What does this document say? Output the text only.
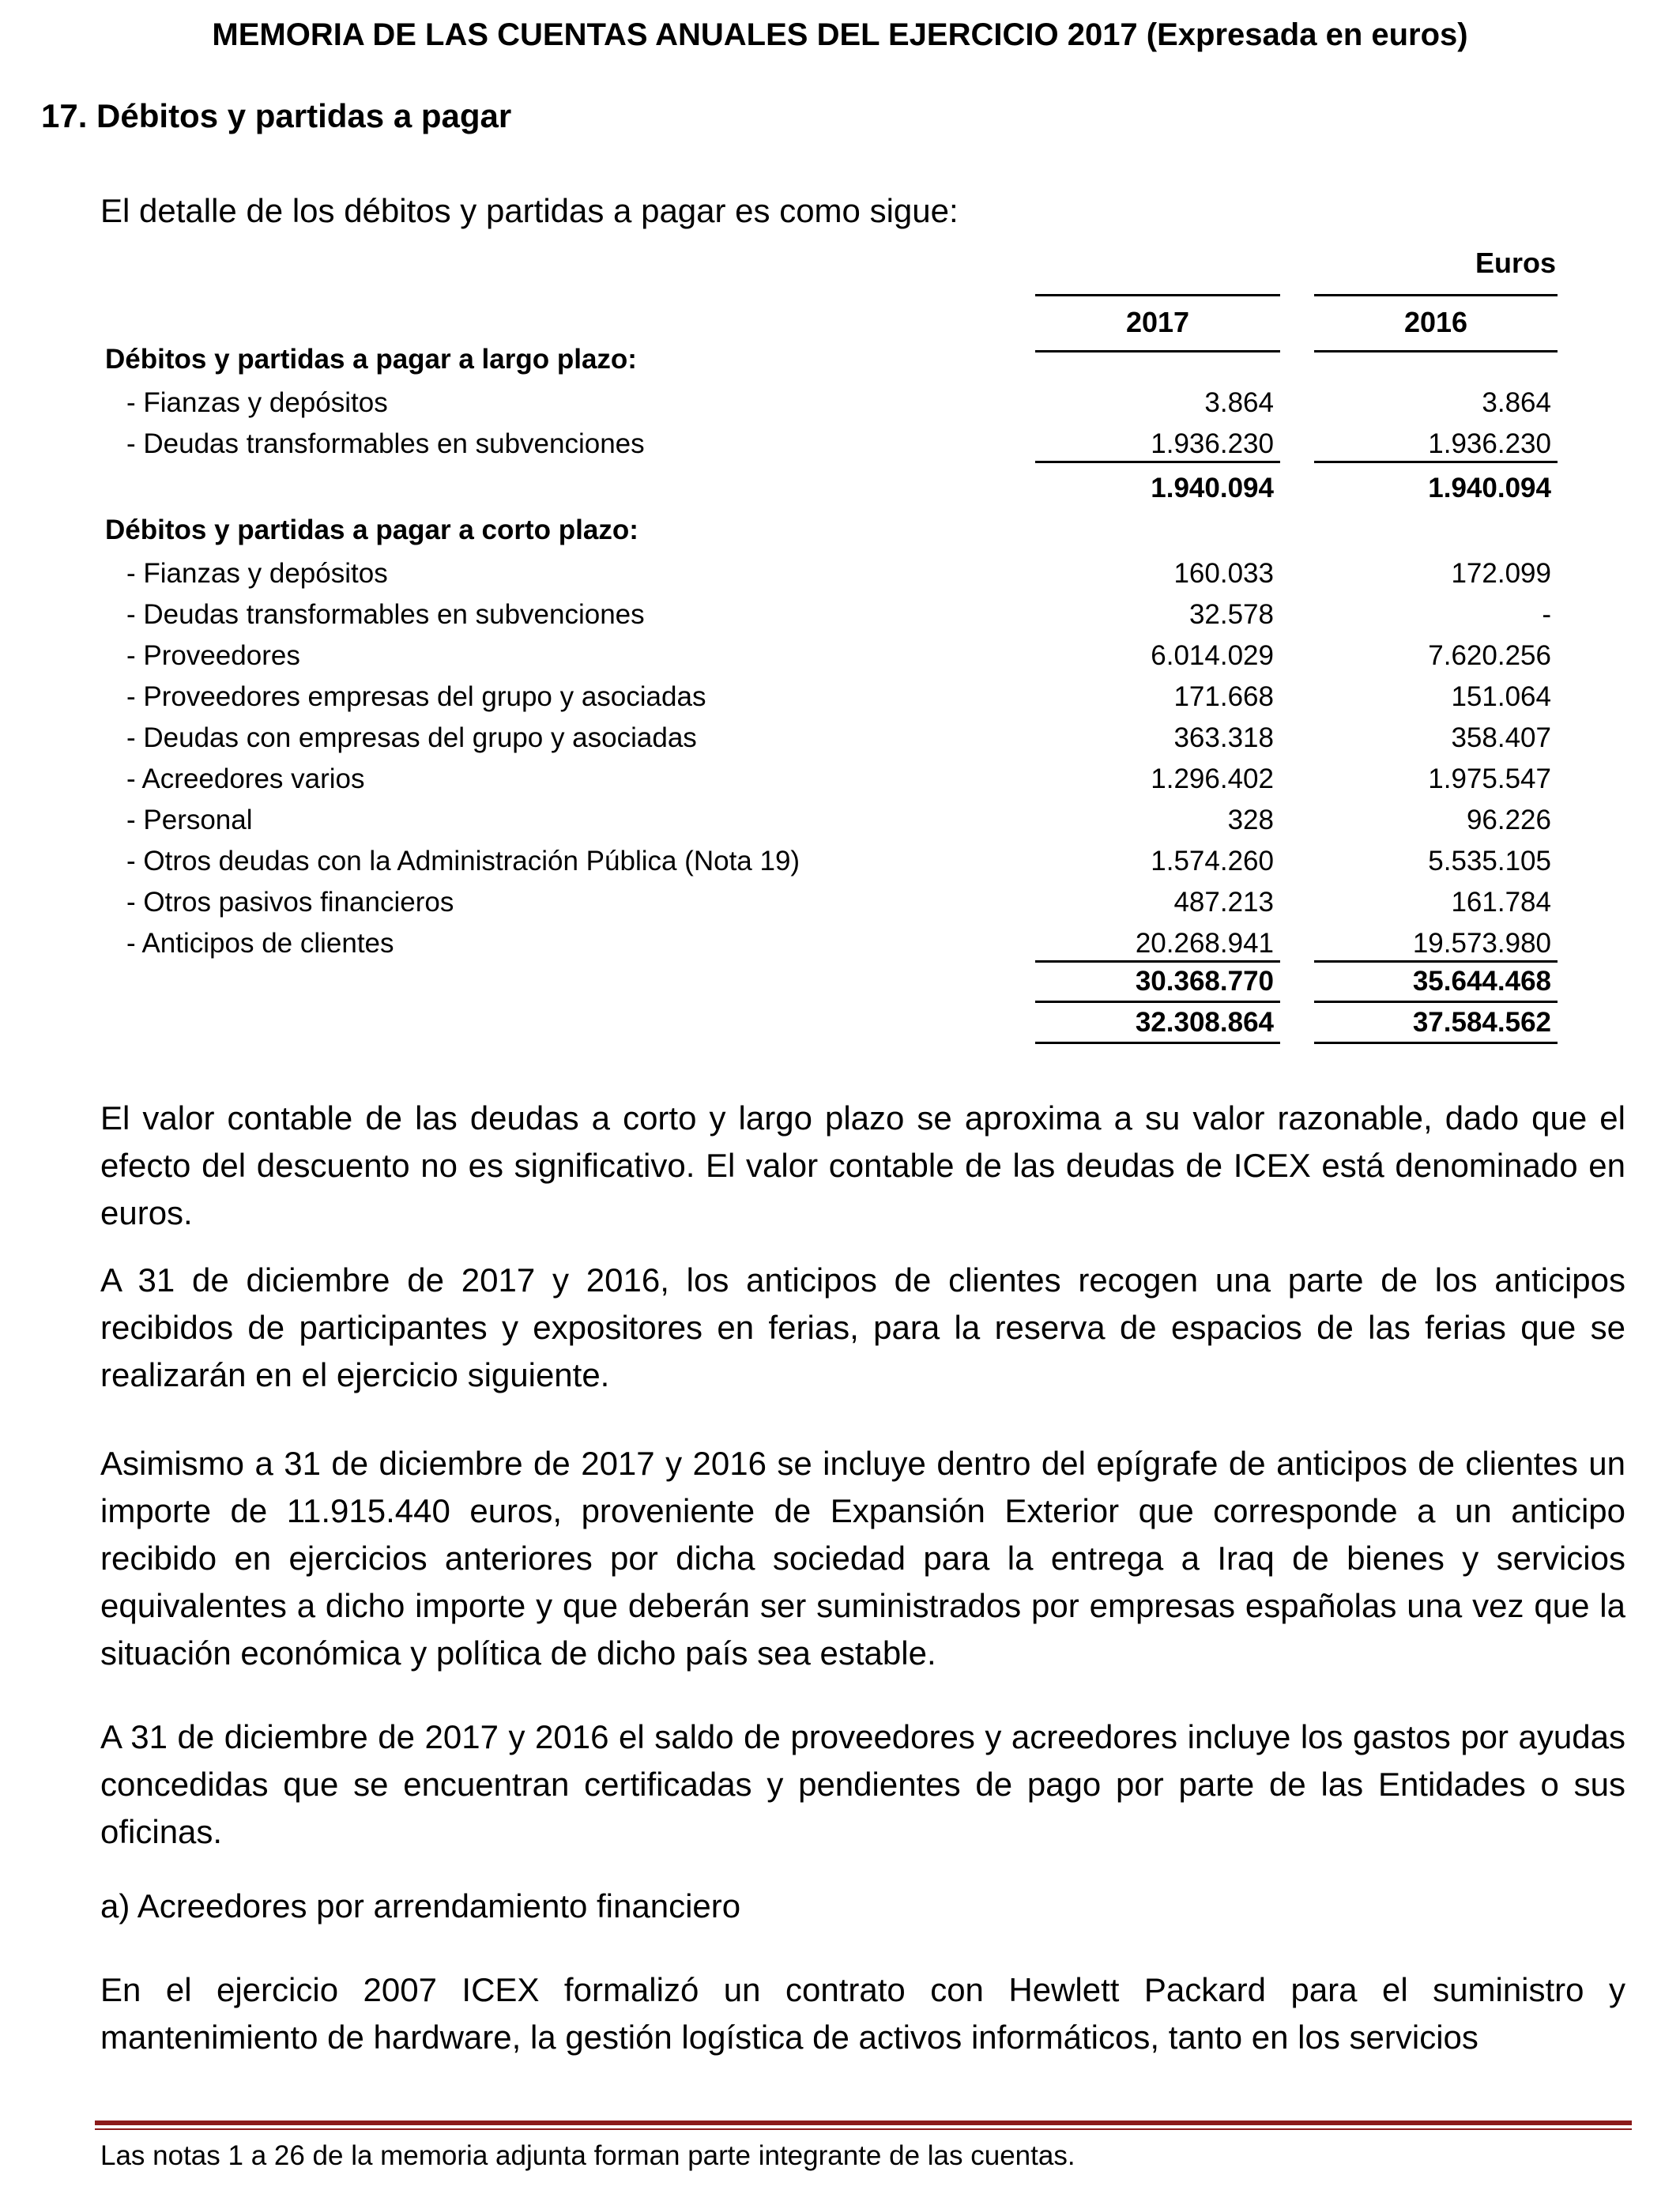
MEMORIA DE LAS CUENTAS ANUALES DEL EJERCICIO 2017 (Expresada en euros)
17. Débitos y partidas a pagar
El detalle de los débitos y partidas a pagar es como sigue:
Euros
2017	2016
Débitos y partidas a pagar a largo plazo:
- Fianzas y depósitos	3.864	3.864
- Deudas transformables en subvenciones	1.936.230	1.936.230
1.940.094	1.940.094
Débitos y partidas a pagar a corto plazo:
- Fianzas y depósitos	160.033	172.099
- Deudas transformables en subvenciones	32.578	-
- Proveedores	6.014.029	7.620.256
- Proveedores empresas del grupo y asociadas	171.668	151.064
- Deudas con empresas del grupo y asociadas	363.318	358.407
- Acreedores varios	1.296.402	1.975.547
- Personal	328	96.226
- Otros deudas con la Administración Pública (Nota 19)	1.574.260	5.535.105
- Otros pasivos financieros	487.213	161.784
- Anticipos de clientes	20.268.941	19.573.980
30.368.770	35.644.468
32.308.864	37.584.562
El valor contable de las deudas a corto y largo plazo se aproxima a su valor razonable, dado que el efecto del descuento no es significativo. El valor contable de las deudas de ICEX está denominado en euros.
A 31 de diciembre de 2017 y 2016, los anticipos de clientes recogen una parte de los anticipos recibidos de participantes y expositores en ferias, para la reserva de espacios de las ferias que se realizarán en el ejercicio siguiente.
Asimismo a 31 de diciembre de 2017 y 2016 se incluye dentro del epígrafe de anticipos de clientes un importe de 11.915.440 euros, proveniente de Expansión Exterior que corresponde a un anticipo recibido en ejercicios anteriores por dicha sociedad para la entrega a Iraq de bienes y servicios equivalentes a dicho importe y que deberán ser suministrados por empresas españolas una vez que la situación económica y política de dicho país sea estable.
A 31 de diciembre de 2017 y 2016 el saldo de proveedores y acreedores incluye los gastos por ayudas concedidas que se encuentran certificadas y pendientes de pago por parte de las Entidades o sus oficinas.
a) Acreedores por arrendamiento financiero
En el ejercicio 2007 ICEX formalizó un contrato con Hewlett Packard para el suministro y mantenimiento de hardware, la gestión logística de activos informáticos, tanto en los servicios
Las notas 1 a 26 de la memoria adjunta forman parte integrante de las cuentas.
